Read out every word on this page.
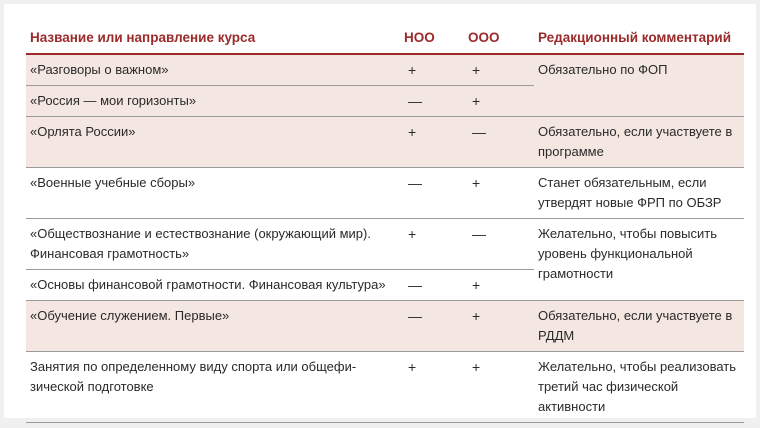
Название или направление курса	НОО	ООО	Редакционный комментарий
«Разговоры о важном»	+	+	Обязательно по ФОП
«Россия — мои горизонты»	—	+	
«Орлята России»	+	—	Обязательно, если участвуете в программе
«Военные учебные сборы»	—	+	Станет обязательным, если утвердят новые ФРП по ОБЗР
«Обществознание и естествознание (окружающий мир). Финансовая грамотность»	+	—	Желательно, чтобы повысить уровень функциональной грамотности
«Основы финансовой грамотности. Финансовая культура»	—	+	
«Обучение служением. Первые»	—	+	Обязательно, если участвуете в РДДМ
Занятия по определенному виду спорта или общефи-зической подготовке	+	+	Желательно, чтобы реализовать третий час физической активности
